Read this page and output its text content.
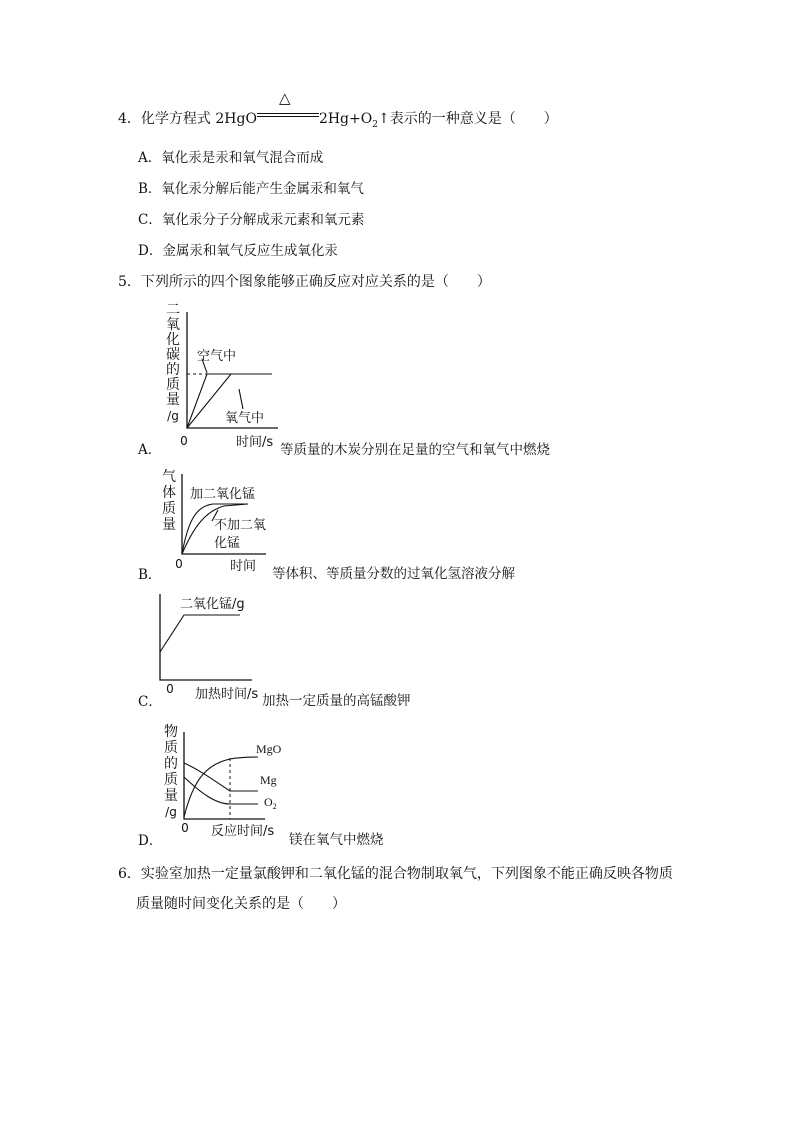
4．化学方程式 2HgO
△
$2Hg+O_2↑$表示的一种意义是（　　）
A．氧化汞是汞和氧气混合而成
B．氧化汞分解后能产生金属汞和氧气
C．氧化汞分子分解成汞元素和氧元素
D．金属汞和氧气反应生成氧化汞
5．下列所示的四个图象能够正确反应对应关系的是（　　）
A．	等质量的木炭分别在足量的空气和氧气中燃烧
二
氧
化
碳
的
质
量
/g
空气中
氧气中
0	时间/s
B．	等体积、等质量分数的过氧化氢溶液分解
气
体
质
量
加二氧化锰
不加二氧
化锰
0	时间
C．	加热一定质量的高锰酸钾
二氧化锰/g
0 加热时间/s
D．	镁在氧气中燃烧
物
质
的
质
量
/g
MgO
Mg
$O_2$
0 反应时间/s
6．实验室加热一定量氯酸钾和二氧化锰的混合物制取氧气，下列图象不能正确反映各物质
质量随时间变化关系的是（　　）
